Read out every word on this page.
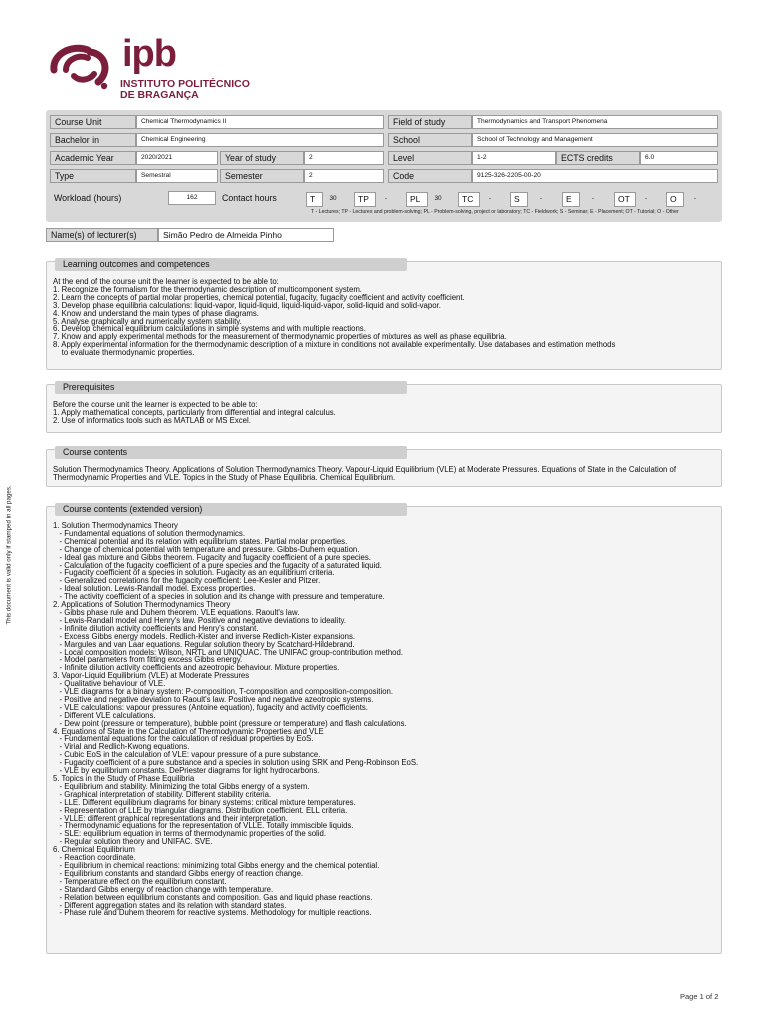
ipb
INSTITUTO POLITÉCNICO
DE BRAGANÇA
Course Unit	Chemical Thermodynamics II	Field of study	Thermodynamics and Transport Phenomena
Bachelor in	Chemical Engineering	School	School of Technology and Management
Academic Year	2020/2021	Year of study	2	Level	1-2	ECTS credits	6.0
Type	Semestral	Semester	2	Code	9125-326-2205-00-20
Workload (hours)	162	Contact hours	T	30	TP	-	PL	30	TC	-	S	-	E	-	OT	-	O	-
T - Lectures; TP - Lectures and problem-solving; PL - Problem-solving, project or laboratory; TC - Fieldwork; S - Seminar; E - Placement; OT - Tutorial; O - Other
Name(s) of lecturer(s)	Simão Pedro de Almeida Pinho
Learning outcomes and competences
At the end of the course unit the learner is expected to be able to:
1. Recognize the formalism for the thermodynamic description of multicomponent system.
2. Learn the concepts of partial molar properties, chemical potential, fugacity, fugacity coefficient and activity coefficient.
3. Develop phase equilibria calculations: liquid-vapor, liquid-liquid, liquid-liquid-vapor, solid-liquid and solid-vapor.
4. Know and understand the main types of phase diagrams.
5. Analyse graphically and numerically system stability.
6. Develop chemical equilibrium calculations in simple systems and with multiple reactions.
7. Know and apply experimental methods for the measurement of thermodynamic properties of mixtures as well as phase equilibria.
8. Apply experimental information for the thermodynamic description of a mixture in conditions not available experimentally. Use databases and estimation methods
to evaluate thermodynamic properties.
Prerequisites
Before the course unit the learner is expected to be able to:
1. Apply mathematical concepts, particularly from differential and integral calculus.
2. Use of informatics tools such as MATLAB or MS Excel.
Course contents
Solution Thermodynamics Theory. Applications of Solution Thermodynamics Theory. Vapour-Liquid Equilibrium (VLE) at Moderate Pressures. Equations of State in the Calculation of Thermodynamic Properties and VLE. Topics in the Study of Phase Equilibria. Chemical Equilibrium.
Course contents (extended version)
1. Solution Thermodynamics Theory
- Fundamental equations of solution thermodynamics.
- Chemical potential and its relation with equilibrium states. Partial molar properties.
- Change of chemical potential with temperature and pressure. Gibbs-Duhem equation.
- Ideal gas mixture and Gibbs theorem. Fugacity and fugacity coefficient of a pure species.
- Calculation of the fugacity coefficient of a pure species and the fugacity of a saturated liquid.
- Fugacity coefficient of a species in solution. Fugacity as an equilibrium criteria.
- Generalized correlations for the fugacity coefficient: Lee-Kesler and Pitzer.
- Ideal solution. Lewis-Randall model. Excess properties.
- The activity coefficient of a species in solution and its change with pressure and temperature.
2. Applications of Solution Thermodynamics Theory
- Gibbs phase rule and Duhem theorem. VLE equations. Raoult's law.
- Lewis-Randall model and Henry's law. Positive and negative deviations to ideality.
- Infinite dilution activity coefficients and Henry's constant.
- Excess Gibbs energy models. Redlich-Kister and inverse Redlich-Kister expansions.
- Margules and van Laar equations. Regular solution theory by Scatchard-Hildebrand.
- Local composition models: Wilson, NRTL and UNIQUAC. The UNIFAC group-contribution method.
- Model parameters from fitting excess Gibbs energy.
- Infinite dilution activity coefficients and azeotropic behaviour. Mixture properties.
3. Vapor-Liquid Equilibrium (VLE) at Moderate Pressures
- Qualitative behaviour of VLE.
- VLE diagrams for a binary system: P-composition, T-composition and composition-composition.
- Positive and negative deviation to Raoult's law. Positive and negative azeotropic systems.
- VLE calculations: vapour pressures (Antoine equation), fugacity and activity coefficients.
- Different VLE calculations.
- Dew point (pressure or temperature), bubble point (pressure or temperature) and flash calculations.
4. Equations of State in the Calculation of Thermodynamic Properties and VLE
- Fundamental equations for the calculation of residual properties by EoS.
- Virial and Redlich-Kwong equations.
- Cubic EoS in the calculation of VLE: vapour pressure of a pure substance.
- Fugacity coefficient of a pure substance and a species in solution using SRK and Peng-Robinson EoS.
- VLE by equilibrium constants. DePriester diagrams for light hydrocarbons.
5. Topics in the Study of Phase Equilibria
- Equilibrium and stability. Minimizing the total Gibbs energy of a system.
- Graphical interpretation of stability. Different stability criteria.
- LLE. Different equilibrium diagrams for binary systems: critical mixture temperatures.
- Representation of LLE by triangular diagrams. Distribution coefficient. ELL criteria.
- VLLE: different graphical representations and their interpretation.
- Thermodynamic equations for the representation of VLLE. Totally immiscible liquids.
- SLE: equilibrium equation in terms of thermodynamic properties of the solid.
- Regular solution theory and UNIFAC. SVE.
6. Chemical Equilibrium
- Reaction coordinate.
- Equilibrium in chemical reactions: minimizing total Gibbs energy and the chemical potential.
- Equilibrium constants and standard Gibbs energy of reaction change.
- Temperature effect on the equilibrium constant.
- Standard Gibbs energy of reaction change with temperature.
- Relation between equilibrium constants and composition. Gas and liquid phase reactions.
- Different aggregation states and its relation with standard states.
- Phase rule and Duhem theorem for reactive systems. Methodology for multiple reactions.
This document is valid only if stamped in all pages.
Page 1 of 2
